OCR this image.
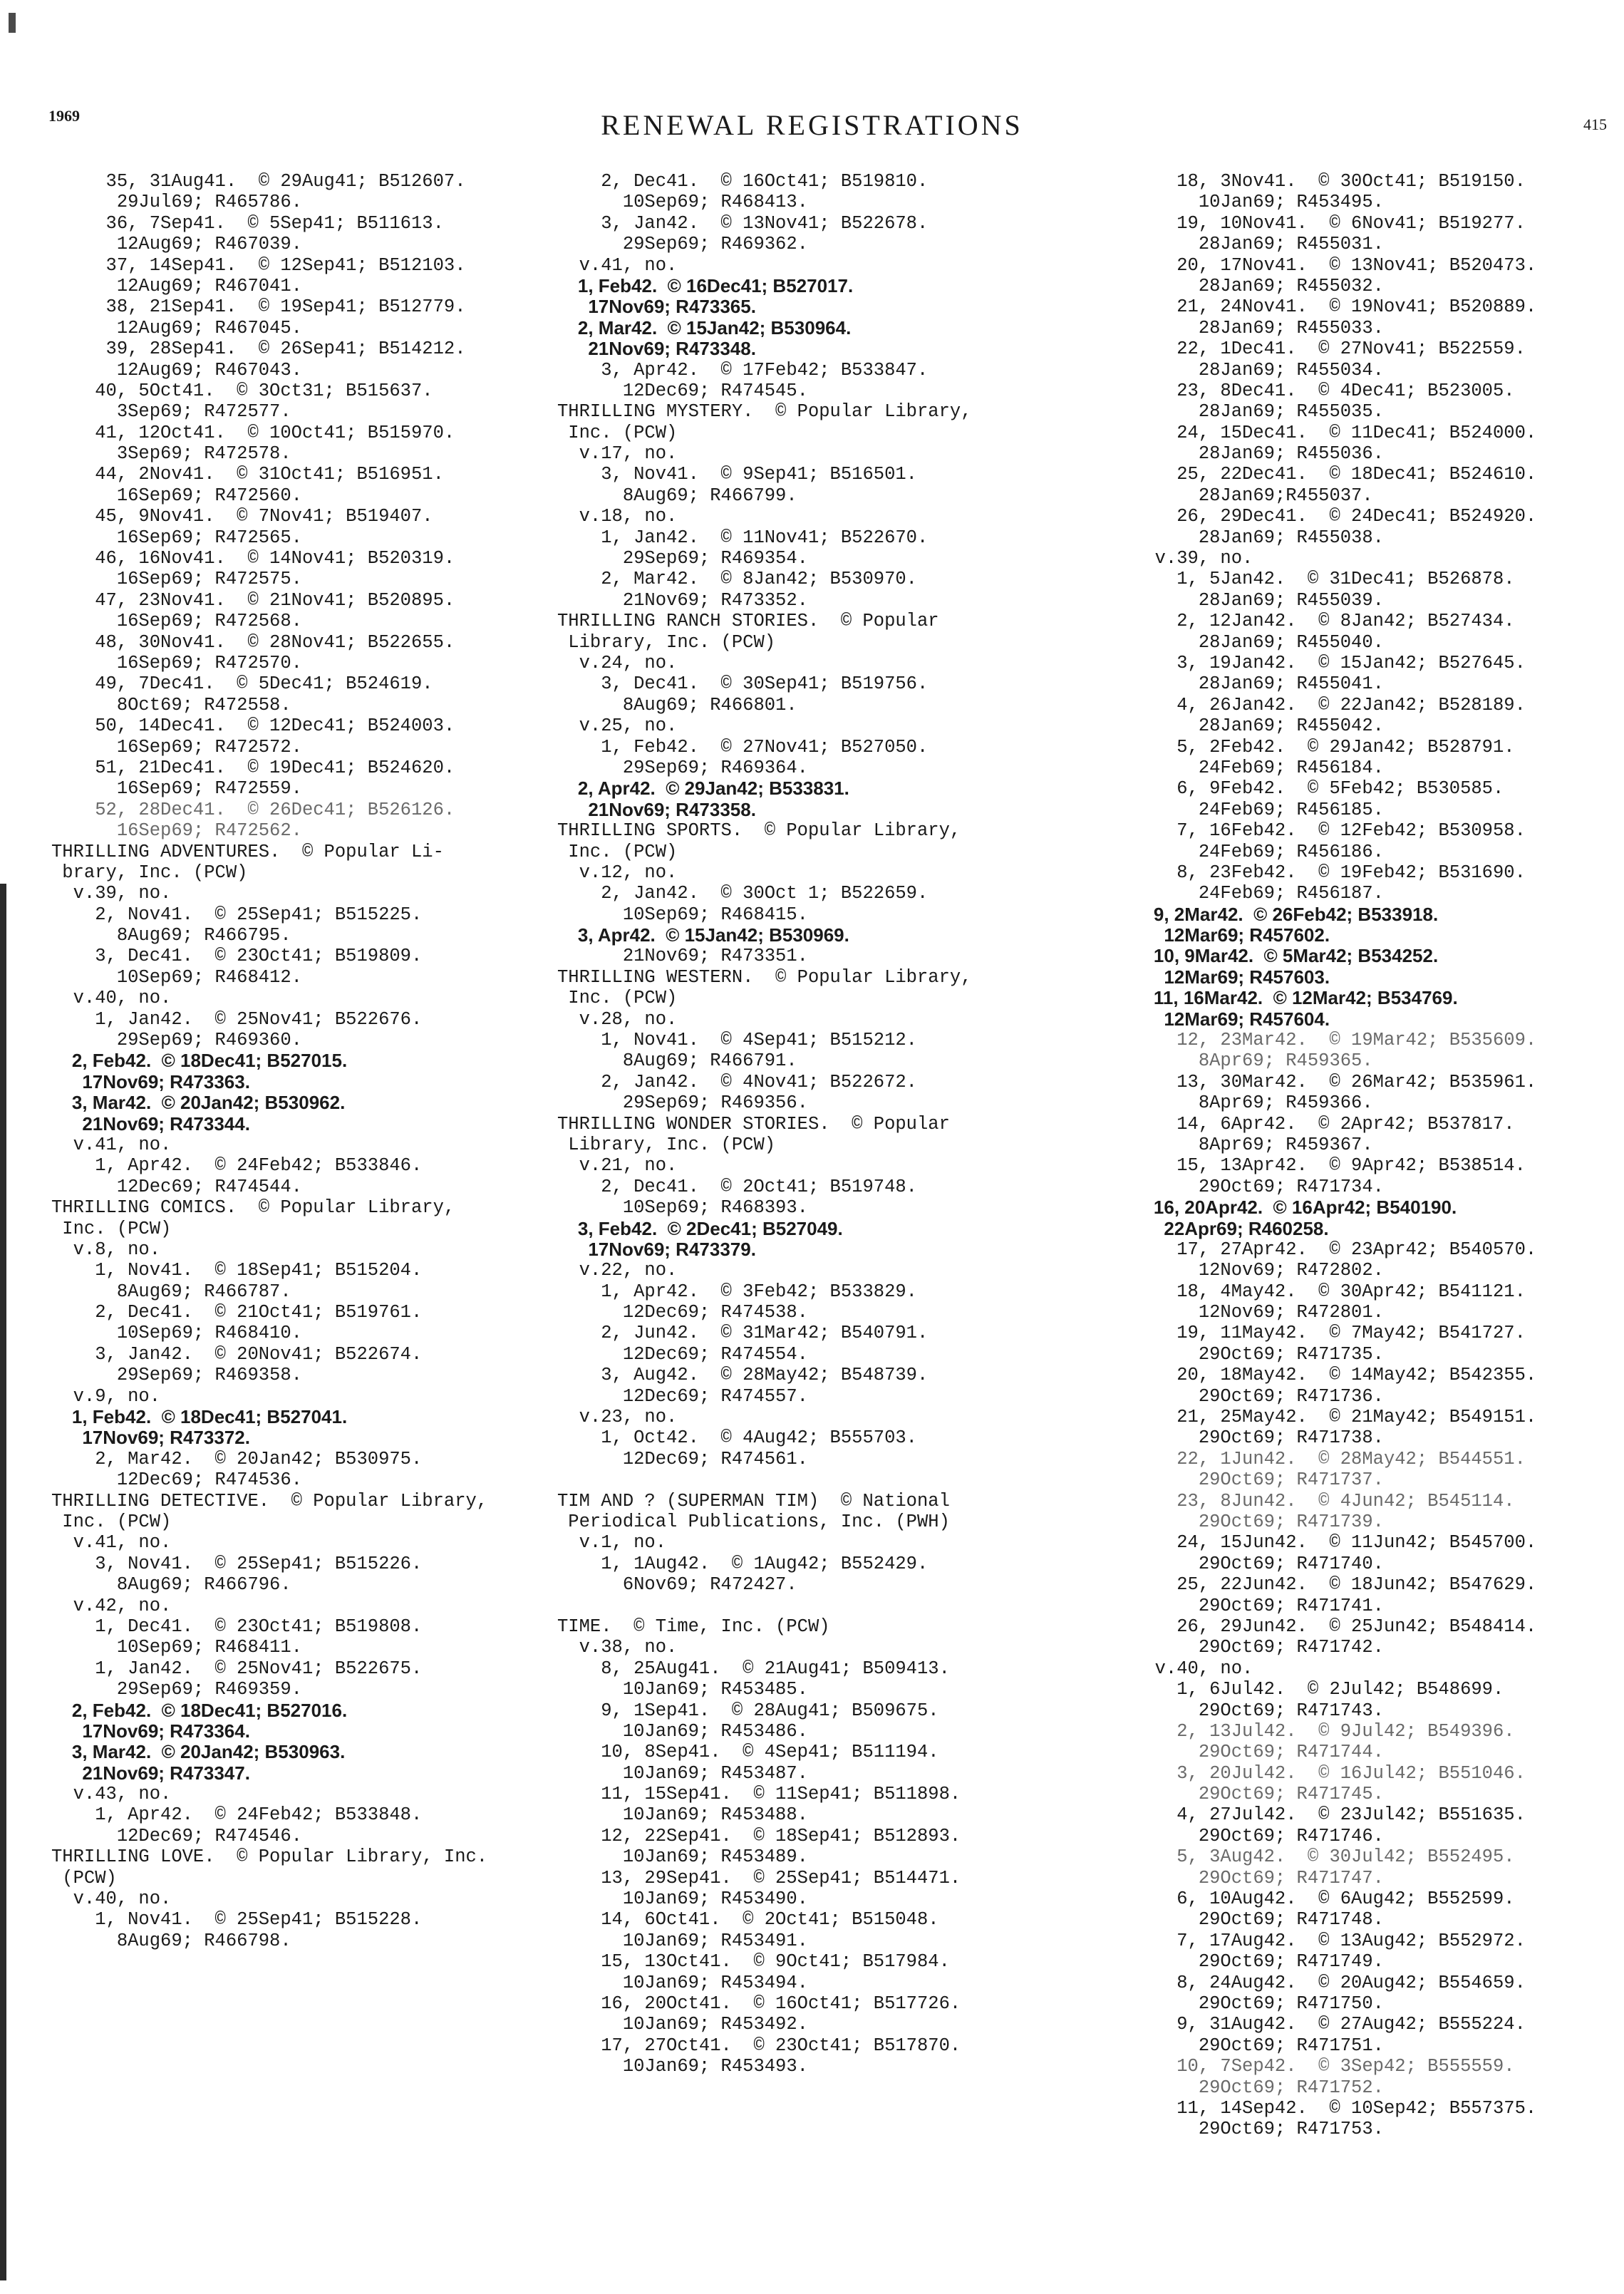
1969	RENEWAL REGISTRATIONS	415
35, 31Aug41.  © 29Aug41; B512607.
29Jul69; R465786.
36, 7Sep41.  © 5Sep41; B511613.
12Aug69; R467039.
37, 14Sep41.  © 12Sep41; B512103.
12Aug69; R467041.
38, 21Sep41.  © 19Sep41; B512779.
12Aug69; R467045.
39, 28Sep41.  © 26Sep41; B514212.
12Aug69; R467043.
40, 5Oct41.  © 3Oct31; B515637.
3Sep69; R472577.
41, 12Oct41.  © 10Oct41; B515970.
3Sep69; R472578.
44, 2Nov41.  © 31Oct41; B516951.
16Sep69; R472560.
45, 9Nov41.  © 7Nov41; B519407.
16Sep69; R472565.
46, 16Nov41.  © 14Nov41; B520319.
16Sep69; R472575.
47, 23Nov41.  © 21Nov41; B520895.
16Sep69; R472568.
48, 30Nov41.  © 28Nov41; B522655.
16Sep69; R472570.
49, 7Dec41.  © 5Dec41; B524619.
8Oct69; R472558.
50, 14Dec41.  © 12Dec41; B524003.
16Sep69; R472572.
51, 21Dec41.  © 19Dec41; B524620.
16Sep69; R472559.
52, 28Dec41.  © 26Dec41; B526126.
16Sep69; R472562.
THRILLING ADVENTURES.  © Popular Li-
brary, Inc. (PCW)
v.39, no.
2, Nov41.  © 25Sep41; B515225.
8Aug69; R466795.
3, Dec41.  © 23Oct41; B519809.
10Sep69; R468412.
v.40, no.
1, Jan42.  © 25Nov41; B522676.
29Sep69; R469360.
2, Feb42.  © 18Dec41; B527015.
17Nov69; R473363.
3, Mar42.  © 20Jan42; B530962.
21Nov69; R473344.
v.41, no.
1, Apr42.  © 24Feb42; B533846.
12Dec69; R474544.
THRILLING COMICS.  © Popular Library,
Inc. (PCW)
v.8, no.
1, Nov41.  © 18Sep41; B515204.
8Aug69; R466787.
2, Dec41.  © 21Oct41; B519761.
10Sep69; R468410.
3, Jan42.  © 20Nov41; B522674.
29Sep69; R469358.
v.9, no.
1, Feb42.  © 18Dec41; B527041.
17Nov69; R473372.
2, Mar42.  © 20Jan42; B530975.
12Dec69; R474536.
THRILLING DETECTIVE.  © Popular Library,
Inc. (PCW)
v.41, no.
3, Nov41.  © 25Sep41; B515226.
8Aug69; R466796.
v.42, no.
1, Dec41.  © 23Oct41; B519808.
10Sep69; R468411.
1, Jan42.  © 25Nov41; B522675.
29Sep69; R469359.
2, Feb42.  © 18Dec41; B527016.
17Nov69; R473364.
3, Mar42.  © 20Jan42; B530963.
21Nov69; R473347.
v.43, no.
1, Apr42.  © 24Feb42; B533848.
12Dec69; R474546.
THRILLING LOVE.  © Popular Library, Inc.
(PCW)
v.40, no.
1, Nov41.  © 25Sep41; B515228.
8Aug69; R466798.
2, Dec41.  © 16Oct41; B519810.
10Sep69; R468413.
3, Jan42.  © 13Nov41; B522678.
29Sep69; R469362.
v.41, no.
1, Feb42.  © 16Dec41; B527017.
17Nov69; R473365.
2, Mar42.  © 15Jan42; B530964.
21Nov69; R473348.
3, Apr42.  © 17Feb42; B533847.
12Dec69; R474545.
THRILLING MYSTERY.  © Popular Library,
Inc. (PCW)
v.17, no.
3, Nov41.  © 9Sep41; B516501.
8Aug69; R466799.
v.18, no.
1, Jan42.  © 11Nov41; B522670.
29Sep69; R469354.
2, Mar42.  © 8Jan42; B530970.
21Nov69; R473352.
THRILLING RANCH STORIES.  © Popular
Library, Inc. (PCW)
v.24, no.
3, Dec41.  © 30Sep41; B519756.
8Aug69; R466801.
v.25, no.
1, Feb42.  © 27Nov41; B527050.
29Sep69; R469364.
2, Apr42.  © 29Jan42; B533831.
21Nov69; R473358.
THRILLING SPORTS.  © Popular Library,
Inc. (PCW)
v.12, no.
2, Jan42.  © 30Oct 1; B522659.
10Sep69; R468415.
3, Apr42.  © 15Jan42; B530969.
21Nov69; R473351.
THRILLING WESTERN.  © Popular Library,
Inc. (PCW)
v.28, no.
1, Nov41.  © 4Sep41; B515212.
8Aug69; R466791.
2, Jan42.  © 4Nov41; B522672.
29Sep69; R469356.
THRILLING WONDER STORIES.  © Popular
Library, Inc. (PCW)
v.21, no.
2, Dec41.  © 2Oct41; B519748.
10Sep69; R468393.
3, Feb42.  © 2Dec41; B527049.
17Nov69; R473379.
v.22, no.
1, Apr42.  © 3Feb42; B533829.
12Dec69; R474538.
2, Jun42.  © 31Mar42; B540791.
12Dec69; R474554.
3, Aug42.  © 28May42; B548739.
12Dec69; R474557.
v.23, no.
1, Oct42.  © 4Aug42; B555703.
12Dec69; R474561.
TIM AND ? (SUPERMAN TIM)  © National
Periodical Publications, Inc. (PWH)
v.1, no.
1, 1Aug42.  © 1Aug42; B552429.
6Nov69; R472427.
TIME.  © Time, Inc. (PCW)
v.38, no.
8, 25Aug41.  © 21Aug41; B509413.
10Jan69; R453485.
9, 1Sep41.  © 28Aug41; B509675.
10Jan69; R453486.
10, 8Sep41.  © 4Sep41; B511194.
10Jan69; R453487.
11, 15Sep41.  © 11Sep41; B511898.
10Jan69; R453488.
12, 22Sep41.  © 18Sep41; B512893.
10Jan69; R453489.
13, 29Sep41.  © 25Sep41; B514471.
10Jan69; R453490.
14, 6Oct41.  © 2Oct41; B515048.
10Jan69; R453491.
15, 13Oct41.  © 9Oct41; B517984.
10Jan69; R453494.
16, 20Oct41.  © 16Oct41; B517726.
10Jan69; R453492.
17, 27Oct41.  © 23Oct41; B517870.
10Jan69; R453493.
18, 3Nov41.  © 30Oct41; B519150.
10Jan69; R453495.
19, 10Nov41.  © 6Nov41; B519277.
28Jan69; R455031.
20, 17Nov41.  © 13Nov41; B520473.
28Jan69; R455032.
21, 24Nov41.  © 19Nov41; B520889.
28Jan69; R455033.
22, 1Dec41.  © 27Nov41; B522559.
28Jan69; R455034.
23, 8Dec41.  © 4Dec41; B523005.
28Jan69; R455035.
24, 15Dec41.  © 11Dec41; B524000.
28Jan69; R455036.
25, 22Dec41.  © 18Dec41; B524610.
28Jan69;R455037.
26, 29Dec41.  © 24Dec41; B524920.
28Jan69; R455038.
v.39, no.
1, 5Jan42.  © 31Dec41; B526878.
28Jan69; R455039.
2, 12Jan42.  © 8Jan42; B527434.
28Jan69; R455040.
3, 19Jan42.  © 15Jan42; B527645.
28Jan69; R455041.
4, 26Jan42.  © 22Jan42; B528189.
28Jan69; R455042.
5, 2Feb42.  © 29Jan42; B528791.
24Feb69; R456184.
6, 9Feb42.  © 5Feb42; B530585.
24Feb69; R456185.
7, 16Feb42.  © 12Feb42; B530958.
24Feb69; R456186.
8, 23Feb42.  © 19Feb42; B531690.
24Feb69; R456187.
9, 2Mar42.  © 26Feb42; B533918.
12Mar69; R457602.
10, 9Mar42.  © 5Mar42; B534252.
12Mar69; R457603.
11, 16Mar42.  © 12Mar42; B534769.
12Mar69; R457604.
12, 23Mar42.  © 19Mar42; B535609.
8Apr69; R459365.
13, 30Mar42.  © 26Mar42; B535961.
8Apr69; R459366.
14, 6Apr42.  © 2Apr42; B537817.
8Apr69; R459367.
15, 13Apr42.  © 9Apr42; B538514.
29Oct69; R471734.
16, 20Apr42.  © 16Apr42; B540190.
22Apr69; R460258.
17, 27Apr42.  © 23Apr42; B540570.
12Nov69; R472802.
18, 4May42.  © 30Apr42; B541121.
12Nov69; R472801.
19, 11May42.  © 7May42; B541727.
29Oct69; R471735.
20, 18May42.  © 14May42; B542355.
29Oct69; R471736.
21, 25May42.  © 21May42; B549151.
29Oct69; R471738.
22, 1Jun42.  © 28May42; B544551.
29Oct69; R471737.
23, 8Jun42.  © 4Jun42; B545114.
29Oct69; R471739.
24, 15Jun42.  © 11Jun42; B545700.
29Oct69; R471740.
25, 22Jun42.  © 18Jun42; B547629.
29Oct69; R471741.
26, 29Jun42.  © 25Jun42; B548414.
29Oct69; R471742.
v.40, no.
1, 6Jul42.  © 2Jul42; B548699.
29Oct69; R471743.
2, 13Jul42.  © 9Jul42; B549396.
29Oct69; R471744.
3, 20Jul42.  © 16Jul42; B551046.
29Oct69; R471745.
4, 27Jul42.  © 23Jul42; B551635.
29Oct69; R471746.
5, 3Aug42.  © 30Jul42; B552495.
29Oct69; R471747.
6, 10Aug42.  © 6Aug42; B552599.
29Oct69; R471748.
7, 17Aug42.  © 13Aug42; B552972.
29Oct69; R471749.
8, 24Aug42.  © 20Aug42; B554659.
29Oct69; R471750.
9, 31Aug42.  © 27Aug42; B555224.
29Oct69; R471751.
10, 7Sep42.  © 3Sep42; B555559.
29Oct69; R471752.
11, 14Sep42.  © 10Sep42; B557375.
29Oct69; R471753.
